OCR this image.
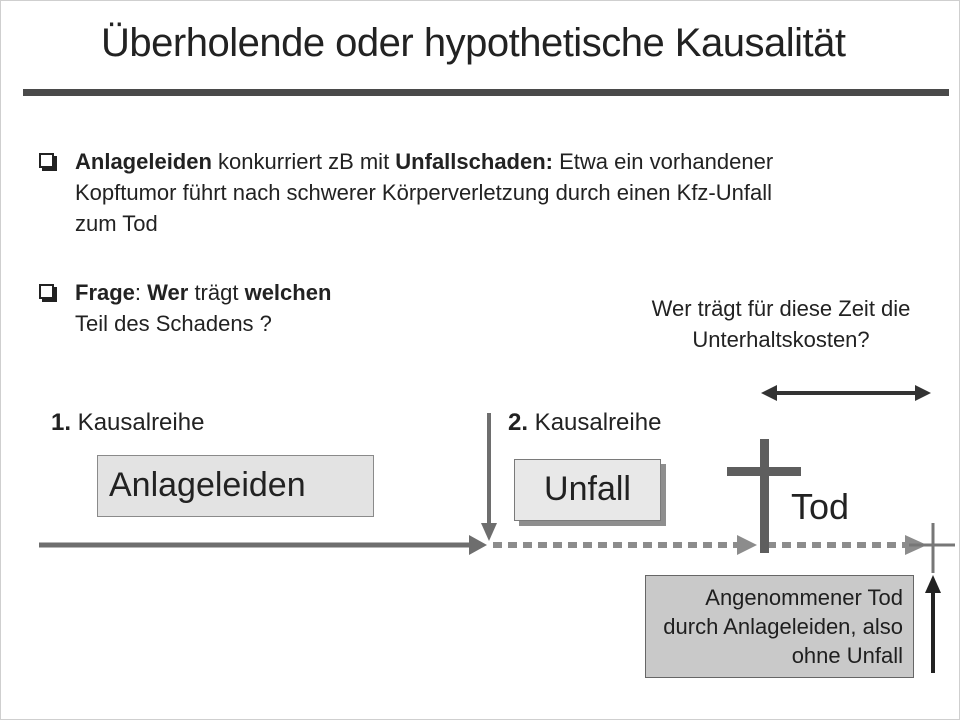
Überholende oder hypothetische Kausalität
Anlageleiden konkurriert zB mit Unfallschaden: Etwa ein vorhandener
Kopftumor führt nach schwerer Körperverletzung durch einen Kfz-Unfall
zum Tod
Frage: Wer trägt welchen
Teil des Schadens ?
Wer trägt für diese Zeit die
Unterhaltskosten?
1. Kausalreihe	2. Kausalreihe
Anlageleiden	Unfall	Tod
Angenommener Tod
durch Anlageleiden, also
ohne Unfall
